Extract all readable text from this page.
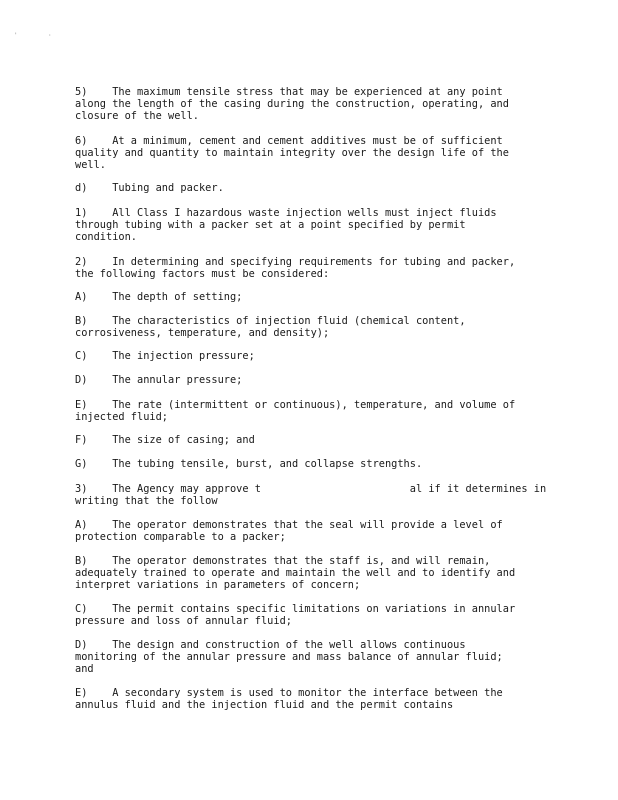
'	·
5)    The maximum tensile stress that may be experienced at any point
along the length of the casing during the construction, operating, and
closure of the well.
6)    At a minimum, cement and cement additives must be of sufficient
quality and quantity to maintain integrity over the design life of the
well.
d)    Tubing and packer.
1)    All Class I hazardous waste injection wells must inject fluids
through tubing with a packer set at a point specified by permit
condition.
2)    In determining and specifying requirements for tubing and packer,
the following factors must be considered:
A)    The depth of setting;
B)    The characteristics of injection fluid (chemical content,
corrosiveness, temperature, and density);
C)    The injection pressure;
D)    The annular pressure;
E)    The rate (intermittent or continuous), temperature, and volume of
injected fluid;
F)    The size of casing; and
G)    The tubing tensile, burst, and collapse strengths.
3)    The Agency may approve t                        al if it determines in
writing that the follow
A)    The operator demonstrates that the seal will provide a level of
protection comparable to a packer;
B)    The operator demonstrates that the staff is, and will remain,
adequately trained to operate and maintain the well and to identify and
interpret variations in parameters of concern;
C)    The permit contains specific limitations on variations in annular
pressure and loss of annular fluid;
D)    The design and construction of the well allows continuous
monitoring of the annular pressure and mass balance of annular fluid;
and
E)    A secondary system is used to monitor the interface between the
annulus fluid and the injection fluid and the permit contains
